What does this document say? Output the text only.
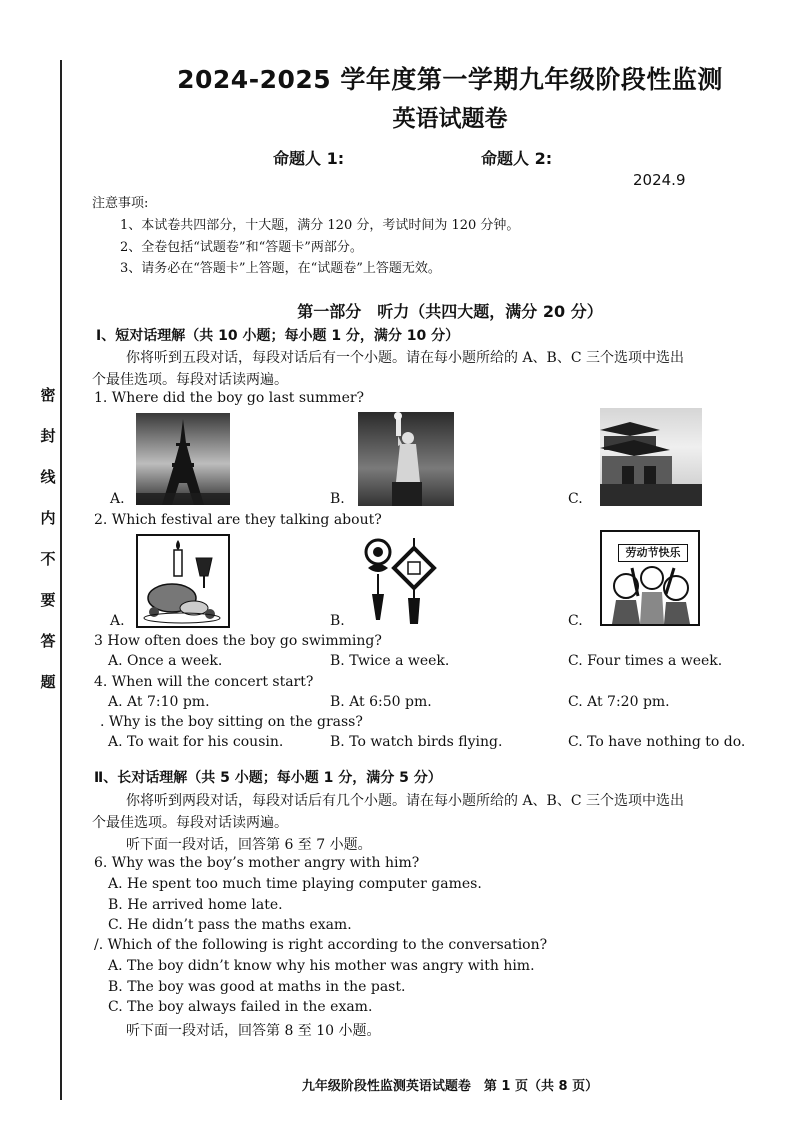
密
封
线
内
不
要
答
题
2024-2025 学年度第一学期九年级阶段性监测
英语试题卷
命题人 1:	命题人 2:
2024.9
注意事项:
1、本试卷共四部分，十大题，满分 120 分，考试时间为 120 分钟。
2、全卷包括“试题卷”和“答题卡”两部分。
3、请务必在“答题卡”上答题，在“试题卷”上答题无效。
第一部分　听力（共四大题，满分 20 分）
Ⅰ、短对话理解（共 10 小题；每小题 1 分，满分 10 分）
你将听到五段对话，每段对话后有一个小题。请在每小题所给的 A、B、C 三个选项中选出
个最佳选项。每段对话读两遍。
1. Where did the boy go last summer?
A.	B.	C.
2. Which festival are they talking about?
A.	B.	C.
劳动节快乐
3 How often does the boy go swimming?
A. Once a week.	B. Twice a week.	C. Four times a week.
4. When will the concert start?
A. At 7:10 pm.	B. At 6:50 pm.	C. At 7:20 pm.
. Why is the boy sitting on the grass?
A. To wait for his cousin.	B. To watch birds flying.	C. To have nothing to do.
Ⅱ、长对话理解（共 5 小题；每小题 1 分，满分 5 分）
你将听到两段对话，每段对话后有几个小题。请在每小题所给的 A、B、C 三个选项中选出
个最佳选项。每段对话读两遍。
听下面一段对话，回答第 6 至 7 小题。
6. Why was the boy’s mother angry with him?
A. He spent too much time playing computer games.
B. He arrived home late.
C. He didn’t pass the maths exam.
/. Which of the following is right according to the conversation?
A. The boy didn’t know why his mother was angry with him.
B. The boy was good at maths in the past.
C. The boy always failed in the exam.
听下面一段对话，回答第 8 至 10 小题。
九年级阶段性监测英语试题卷　第 1 页（共 8 页）
